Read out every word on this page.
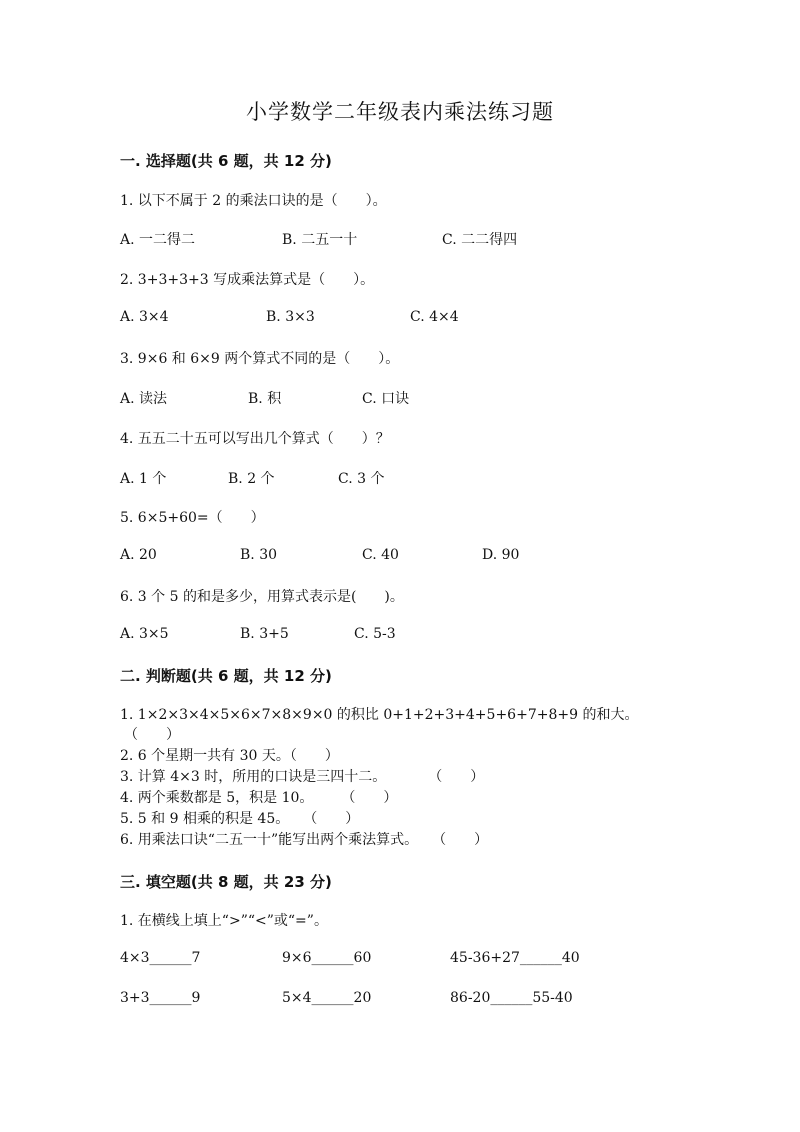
小学数学二年级表内乘法练习题
一. 选择题(共 6 题，共 12 分)
1. 以下不属于 2 的乘法口诀的是（　　）。
A. 一二得二	B. 二五一十	C. 二二得四
2. 3+3+3+3 写成乘法算式是（　　）。
A. 3×4	B. 3×3	C. 4×4
3. 9×6 和 6×9 两个算式不同的是（　　）。
A. 读法	B. 积	C. 口诀
4. 五五二十五可以写出几个算式（　　）？
A. 1 个	B. 2 个	C. 3 个
5. 6×5+60=（　　）
A. 20	B. 30	C. 40	D. 90
6. 3 个 5 的和是多少，用算式表示是(　　)。
A. 3×5	B. 3+5	C. 5-3
二. 判断题(共 6 题，共 12 分)
1. 1×2×3×4×5×6×7×8×9×0 的积比 0+1+2+3+4+5+6+7+8+9 的和大。
（　　）
2. 6 个星期一共有 30 天。（　　）
3. 计算 4×3 时，所用的口诀是三四十二。　　　　（　　）
4. 两个乘数都是 5，积是 10。　　　（　　）
5. 5 和 9 相乘的积是 45。　　（　　）
6. 用乘法口诀“二五一十”能写出两个乘法算式。　　（　　）
三. 填空题(共 8 题，共 23 分)
1. 在横线上填上“>”“<”或“=”。
4×3______7	9×6______60	45-36+27______40
3+3______9	5×4______20	86-20______55-40
